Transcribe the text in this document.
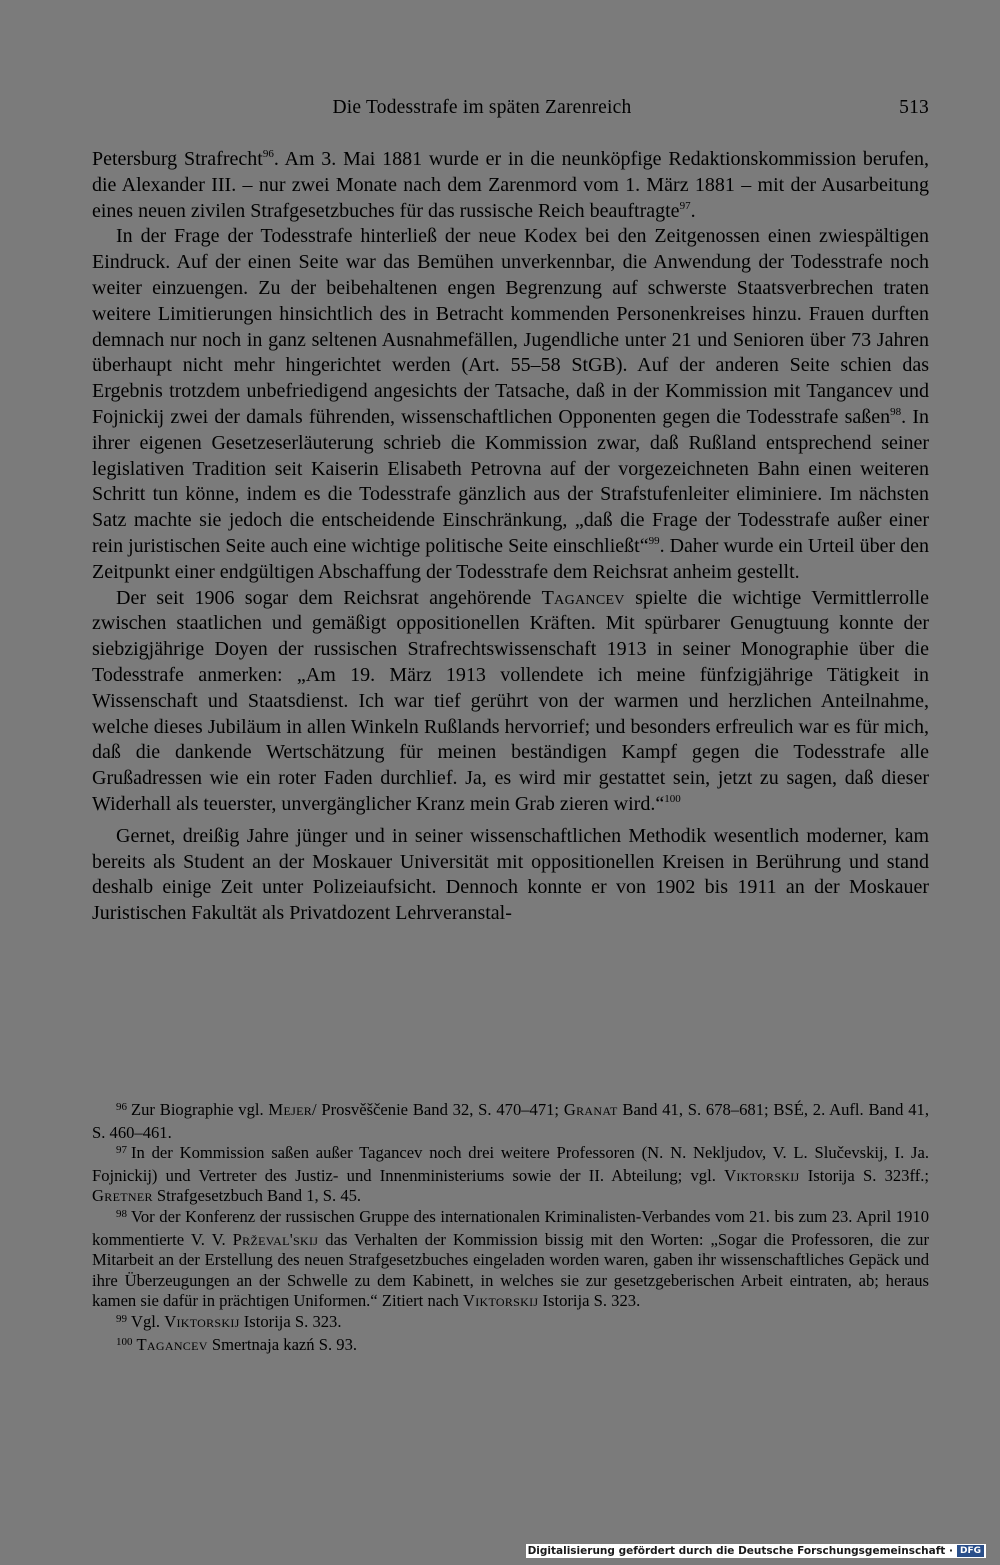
Die Todesstrafe im späten Zarenreich	513

Petersburg Strafrecht$^{96}$. Am 3. Mai 1881 wurde er in die neunköpfige Redaktionskommission berufen, die Alexander III. – nur zwei Monate nach dem Zarenmord vom 1. März 1881 – mit der Ausarbeitung eines neuen zivilen Strafgesetzbuches für das russische Reich beauftragte$^{97}$.

In der Frage der Todesstrafe hinterließ der neue Kodex bei den Zeitgenossen einen zwiespältigen Eindruck. Auf der einen Seite war das Bemühen unverkennbar, die Anwendung der Todesstrafe noch weiter einzuengen. Zu der beibehaltenen engen Begrenzung auf schwerste Staatsverbrechen traten weitere Limitierungen hinsichtlich des in Betracht kommenden Personenkreises hinzu. Frauen durften demnach nur noch in ganz seltenen Ausnahmefällen, Jugendliche unter 21 und Senioren über 73 Jahren überhaupt nicht mehr hingerichtet werden (Art. 55–58 StGB). Auf der anderen Seite schien das Ergebnis trotzdem unbefriedigend angesichts der Tatsache, daß in der Kommission mit Tangancev und Fojnickij zwei der damals führenden, wissenschaftlichen Opponenten gegen die Todesstrafe saßen$^{98}$. In ihrer eigenen Gesetzeserläuterung schrieb die Kommission zwar, daß Rußland entsprechend seiner legislativen Tradition seit Kaiserin Elisabeth Petrovna auf der vorgezeichneten Bahn einen weiteren Schritt tun könne, indem es die Todesstrafe gänzlich aus der Strafstufenleiter eliminiere. Im nächsten Satz machte sie jedoch die entscheidende Einschränkung, „daß die Frage der Todesstrafe außer einer rein juristischen Seite auch eine wichtige politische Seite einschließt“$^{99}$. Daher wurde ein Urteil über den Zeitpunkt einer endgültigen Abschaffung der Todesstrafe dem Reichsrat anheim gestellt.

Der seit 1906 sogar dem Reichsrat angehörende Tagancev spielte die wichtige Vermittlerrolle zwischen staatlichen und gemäßigt oppositionellen Kräften. Mit spürbarer Genugtuung konnte der siebzigjährige Doyen der russischen Strafrechtswissenschaft 1913 in seiner Monographie über die Todesstrafe anmerken: „Am 19. März 1913 vollendete ich meine fünfzigjährige Tätigkeit in Wissenschaft und Staatsdienst. Ich war tief gerührt von der warmen und herzlichen Anteilnahme, welche dieses Jubiläum in allen Winkeln Rußlands hervorrief; und besonders erfreulich war es für mich, daß die dankende Wertschätzung für meinen beständigen Kampf gegen die Todesstrafe alle Grußadressen wie ein roter Faden durchlief. Ja, es wird mir gestattet sein, jetzt zu sagen, daß dieser Widerhall als teuerster, unvergänglicher Kranz mein Grab zieren wird.“$^{100}$

Gernet, dreißig Jahre jünger und in seiner wissenschaftlichen Methodik wesentlich moderner, kam bereits als Student an der Moskauer Universität mit oppositionellen Kreisen in Berührung und stand deshalb einige Zeit unter Polizeiaufsicht. Dennoch konnte er von 1902 bis 1911 an der Moskauer Juristischen Fakultät als Privatdozent Lehrveranstal-

$^{96}$ Zur Biographie vgl. Mejer/ Prosvěščenie Band 32, S. 470–471; Granat Band 41, S. 678–681; BSÉ, 2. Aufl. Band 41, S. 460–461.

$^{97}$ In der Kommission saßen außer Tagancev noch drei weitere Professoren (N. N. Nekljudov, V. L. Slučevskij, I. Ja. Fojnickij) und Vertreter des Justiz- und Innenministeriums sowie der II. Abteilung; vgl. Viktorskij Istorija S. 323ff.; Gretner Strafgesetzbuch Band 1, S. 45.

$^{98}$ Vor der Konferenz der russischen Gruppe des internationalen Kriminalisten-Verbandes vom 21. bis zum 23. April 1910 kommentierte V. V. Prževal'skij das Verhalten der Kommission bissig mit den Worten: „Sogar die Professoren, die zur Mitarbeit an der Erstellung des neuen Strafgesetzbuches eingeladen worden waren, gaben ihr wissenschaftliches Gepäck und ihre Überzeugungen an der Schwelle zu dem Kabinett, in welches sie zur gesetzgeberischen Arbeit eintraten, ab; heraus kamen sie dafür in prächtigen Uniformen.“ Zitiert nach Viktorskij Istorija S. 323.

$^{99}$ Vgl. Viktorskij Istorija S. 323.

$^{100}$ Tagancev Smertnaja kazń S. 93.

Digitalisierung gefördert durch die Deutsche Forschungsgemeinschaft · DFG
